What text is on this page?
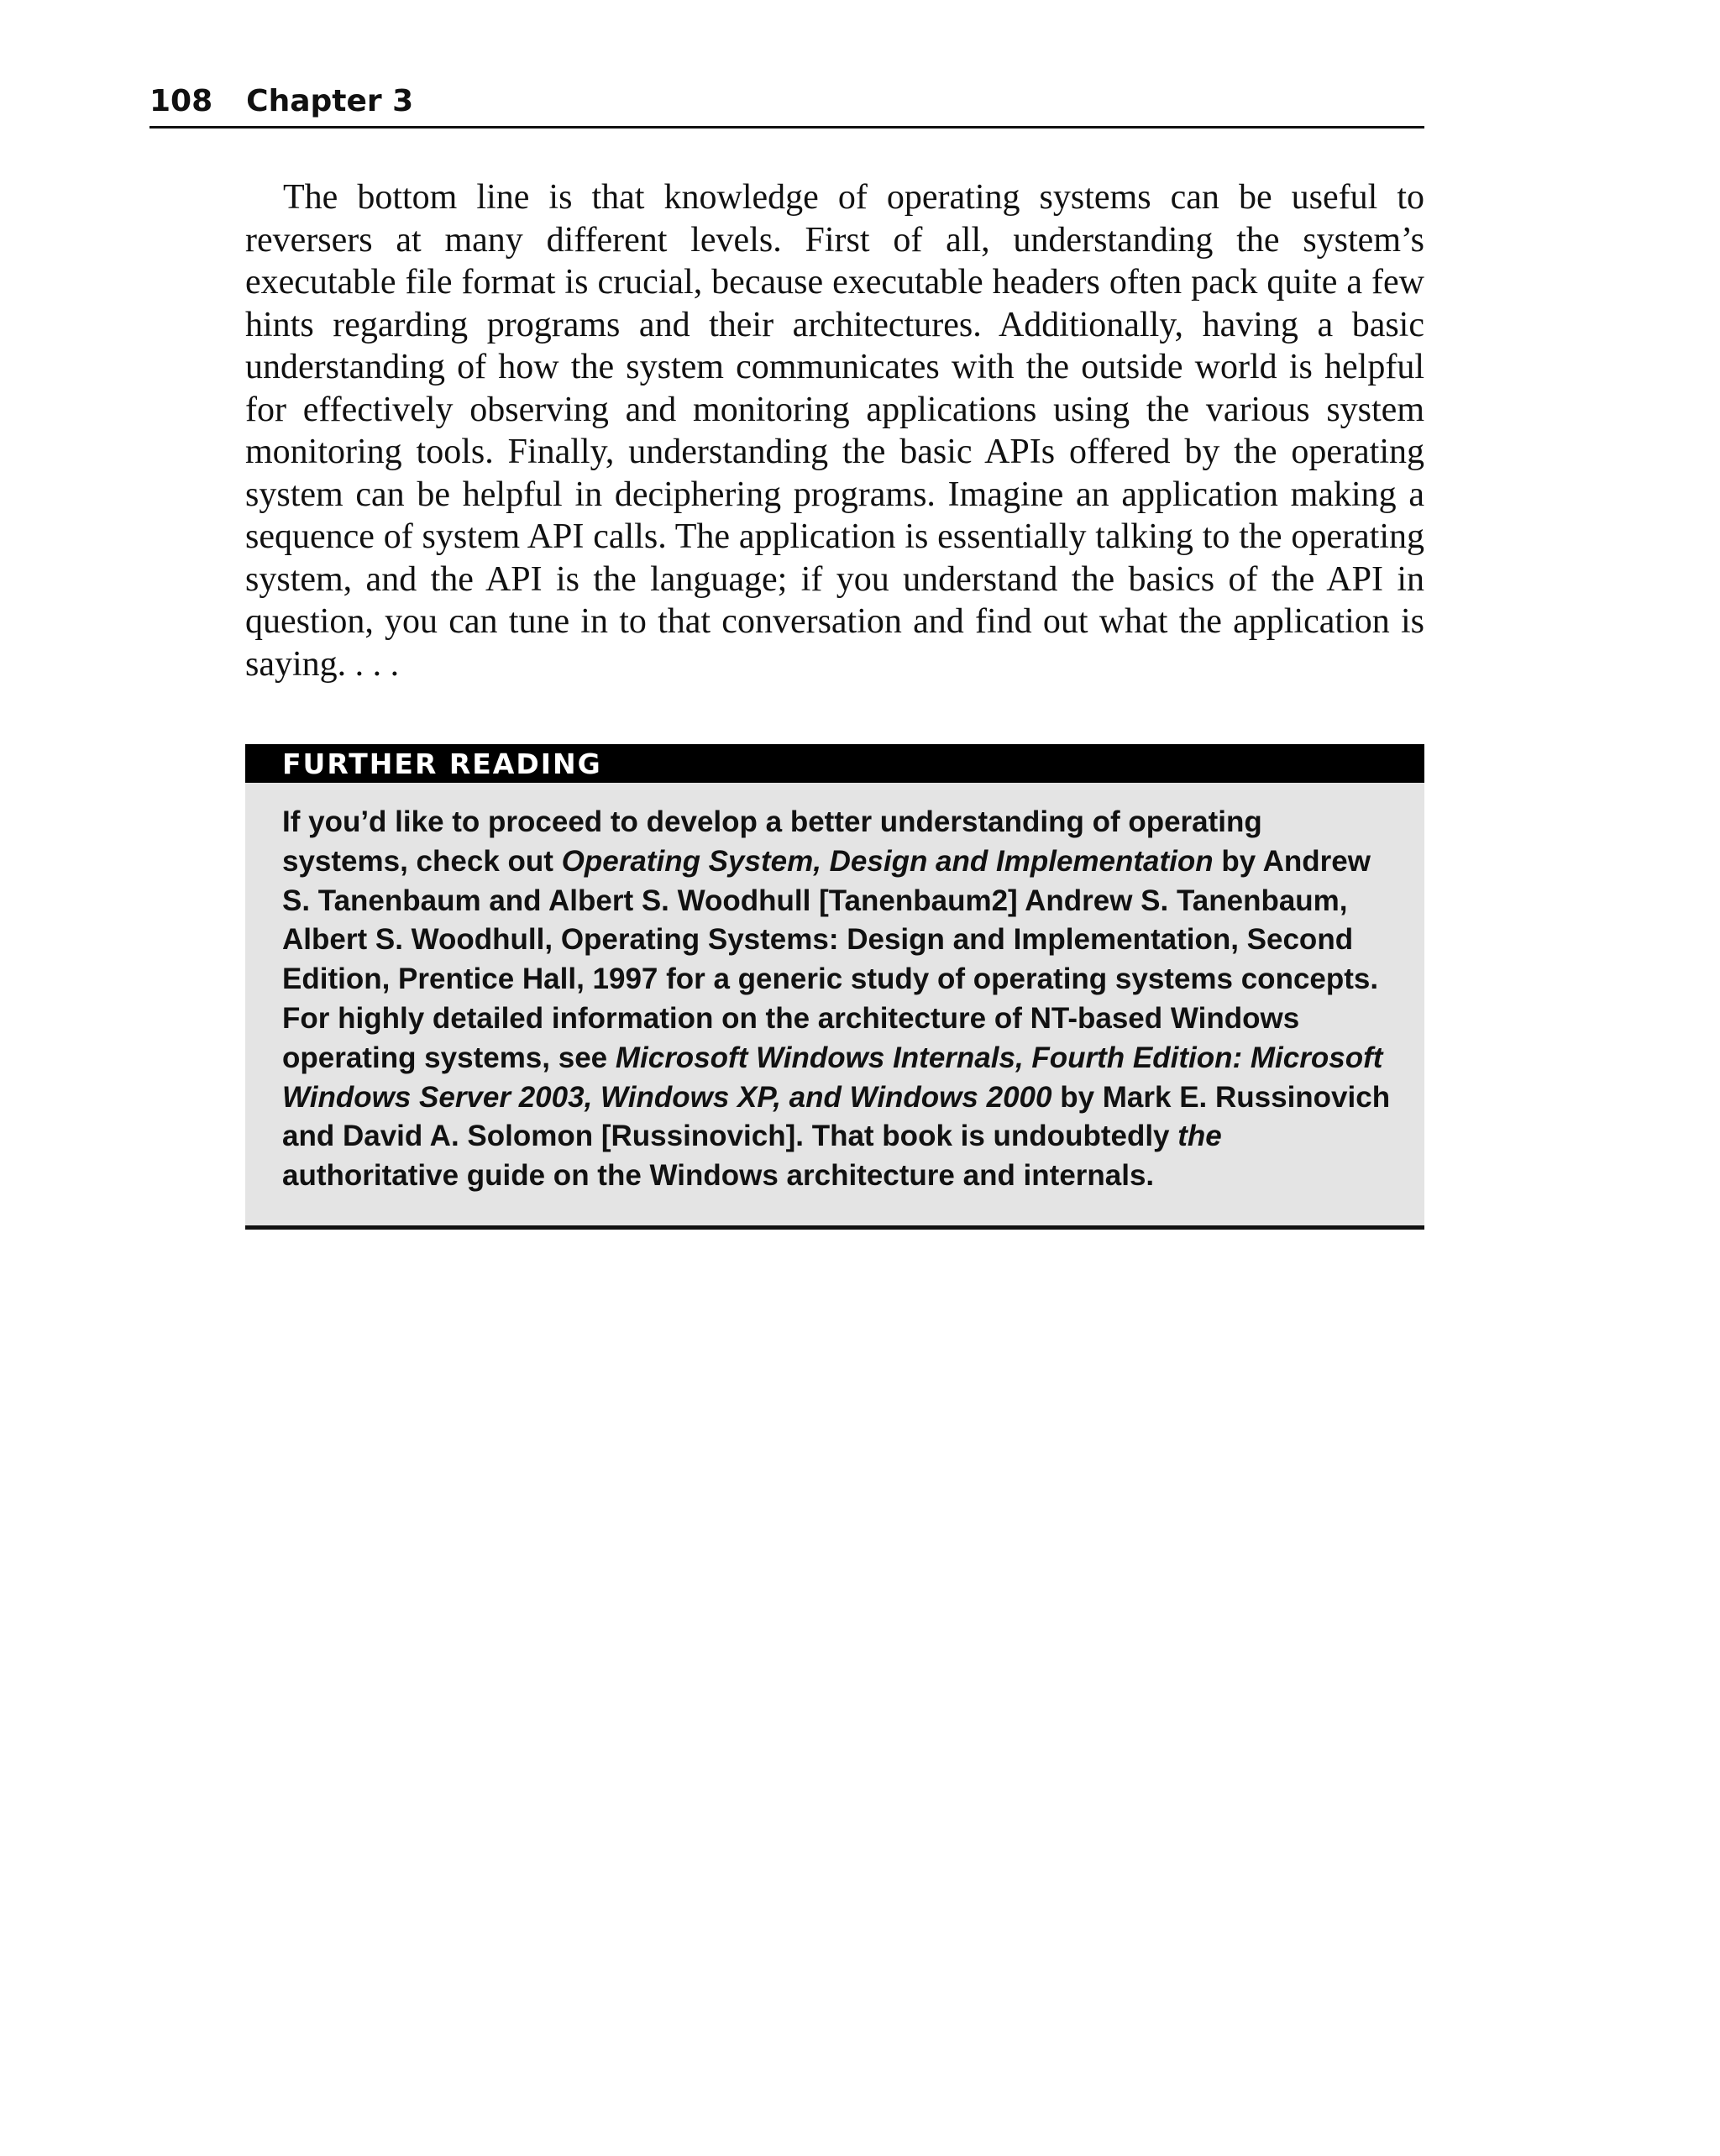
108 Chapter 3

The bottom line is that knowledge of operating systems can be useful to reversers at many different levels. First of all, understanding the system’s executable file format is crucial, because executable headers often pack quite a few hints regarding programs and their architectures. Additionally, having a basic understanding of how the system communicates with the outside world is helpful for effectively observing and monitoring applications using the various system monitoring tools. Finally, understanding the basic APIs offered by the operating system can be helpful in deciphering programs. Imagine an application making a sequence of system API calls. The application is essentially talking to the operating system, and the API is the language; if you understand the basics of the API in question, you can tune in to that conversation and find out what the application is saying. . . .

FURTHER READING

If you’d like to proceed to develop a better understanding of operating systems, check out Operating System, Design and Implementation by Andrew S. Tanenbaum and Albert S. Woodhull [Tanenbaum2] Andrew S. Tanenbaum, Albert S. Woodhull, Operating Systems: Design and Implementation, Second Edition, Prentice Hall, 1997 for a generic study of operating systems concepts. For highly detailed information on the architecture of NT-based Windows operating systems, see Microsoft Windows Internals, Fourth Edition: Microsoft Windows Server 2003, Windows XP, and Windows 2000 by Mark E. Russinovich and David A. Solomon [Russinovich]. That book is undoubtedly the authoritative guide on the Windows architecture and internals.
